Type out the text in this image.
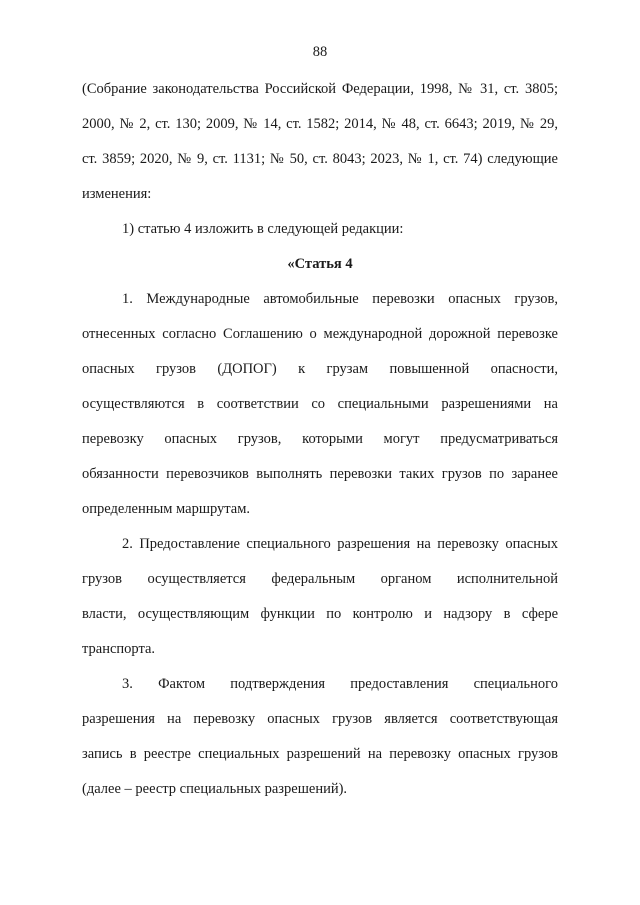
88
(Собрание законодательства Российской Федерации, 1998, № 31, ст. 3805;
2000, № 2, ст. 130; 2009, № 14, ст. 1582; 2014, № 48, ст. 6643; 2019, № 29,
ст. 3859; 2020, № 9, ст. 1131; № 50, ст. 8043; 2023, № 1, ст. 74) следующие
изменения:
1) статью 4 изложить в следующей редакции:
«Статья 4
1. Международные автомобильные перевозки опасных грузов,
отнесенных согласно Соглашению о международной дорожной перевозке
опасных грузов (ДОПОГ) к грузам повышенной опасности,
осуществляются в соответствии со специальными разрешениями на
перевозку опасных грузов, которыми могут предусматриваться
обязанности перевозчиков выполнять перевозки таких грузов по заранее
определенным маршрутам.
2. Предоставление специального разрешения на перевозку опасных
грузов осуществляется федеральным органом исполнительной
власти, осуществляющим функции по контролю и надзору в сфере
транспорта.
3. Фактом подтверждения предоставления специального
разрешения на перевозку опасных грузов является соответствующая
запись в реестре специальных разрешений на перевозку опасных грузов
(далее – реестр специальных разрешений).
